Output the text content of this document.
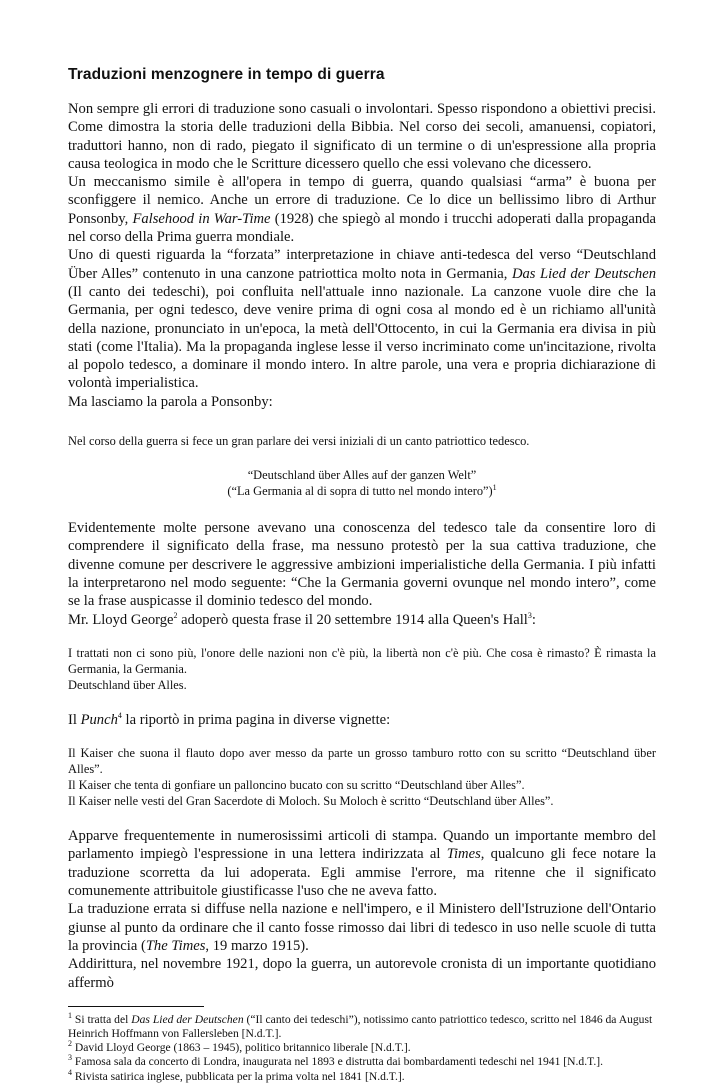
Traduzioni menzognere in tempo di guerra

Non sempre gli errori di traduzione sono casuali o involontari. Spesso rispondono a obiettivi precisi. Come dimostra la storia delle traduzioni della Bibbia. Nel corso dei secoli, amanuensi, copiatori, traduttori hanno, non di rado, piegato il significato di un termine o di un'espressione alla propria causa teologica in modo che le Scritture dicessero quello che essi volevano che dicessero.

Un meccanismo simile è all'opera in tempo di guerra, quando qualsiasi “arma” è buona per sconfiggere il nemico. Anche un errore di traduzione. Ce lo dice un bellissimo libro di Arthur Ponsonby, Falsehood in War-Time (1928) che spiegò al mondo i trucchi adoperati dalla propaganda nel corso della Prima guerra mondiale.

Uno di questi riguarda la “forzata” interpretazione in chiave anti-tedesca del verso “Deutschland Über Alles” contenuto in una canzone patriottica molto nota in Germania, Das Lied der Deutschen (Il canto dei tedeschi), poi confluita nell'attuale inno nazionale. La canzone vuole dire che la Germania, per ogni tedesco, deve venire prima di ogni cosa al mondo ed è un richiamo all'unità della nazione, pronunciato in un'epoca, la metà dell'Ottocento, in cui la Germania era divisa in più stati (come l'Italia). Ma la propaganda inglese lesse il verso incriminato come un'incitazione, rivolta al popolo tedesco, a dominare il mondo intero. In altre parole, una vera e propria dichiarazione di volontà imperialistica.

Ma lasciamo la parola a Ponsonby:

Nel corso della guerra si fece un gran parlare dei versi iniziali di un canto patriottico tedesco.

“Deutschland über Alles auf der ganzen Welt”
(“La Germania al di sopra di tutto nel mondo intero”)$^1$

Evidentemente molte persone avevano una conoscenza del tedesco tale da consentire loro di comprendere il significato della frase, ma nessuno protestò per la sua cattiva traduzione, che divenne comune per descrivere le aggressive ambizioni imperialistiche della Germania. I più infatti la interpretarono nel modo seguente: “Che la Germania governi ovunque nel mondo intero”, come se la frase auspicasse il dominio tedesco del mondo.

Mr. Lloyd George$^2$ adoperò questa frase il 20 settembre 1914 alla Queen's Hall$^3$:

I trattati non ci sono più, l'onore delle nazioni non c'è più, la libertà non c'è più. Che cosa è rimasto? È rimasta la Germania, la Germania.

Deutschland über Alles.

Il Punch$^4$ la riportò in prima pagina in diverse vignette:

Il Kaiser che suona il flauto dopo aver messo da parte un grosso tamburo rotto con su scritto “Deutschland über Alles”.

Il Kaiser che tenta di gonfiare un palloncino bucato con su scritto “Deutschland über Alles”.

Il Kaiser nelle vesti del Gran Sacerdote di Moloch. Su Moloch è scritto “Deutschland über Alles”.

Apparve frequentemente in numerosissimi articoli di stampa. Quando un importante membro del parlamento impiegò l'espressione in una lettera indirizzata al Times, qualcuno gli fece notare la traduzione scorretta da lui adoperata. Egli ammise l'errore, ma ritenne che il significato comunemente attribuitole giustificasse l'uso che ne aveva fatto.

La traduzione errata si diffuse nella nazione e nell'impero, e il Ministero dell'Istruzione dell'Ontario giunse al punto da ordinare che il canto fosse rimosso dai libri di tedesco in uso nelle scuole di tutta la provincia (The Times, 19 marzo 1915).

Addirittura, nel novembre 1921, dopo la guerra, un autorevole cronista di un importante quotidiano affermò

$^1$ Si tratta del Das Lied der Deutschen (“Il canto dei tedeschi”), notissimo canto patriottico tedesco, scritto nel 1846 da August Heinrich Hoffmann von Fallersleben [N.d.T.].

$^2$ David Lloyd George (1863 – 1945), politico britannico liberale [N.d.T.].

$^3$ Famosa sala da concerto di Londra, inaugurata nel 1893 e distrutta dai bombardamenti tedeschi nel 1941 [N.d.T.].

$^4$ Rivista satirica inglese, pubblicata per la prima volta nel 1841 [N.d.T.].
